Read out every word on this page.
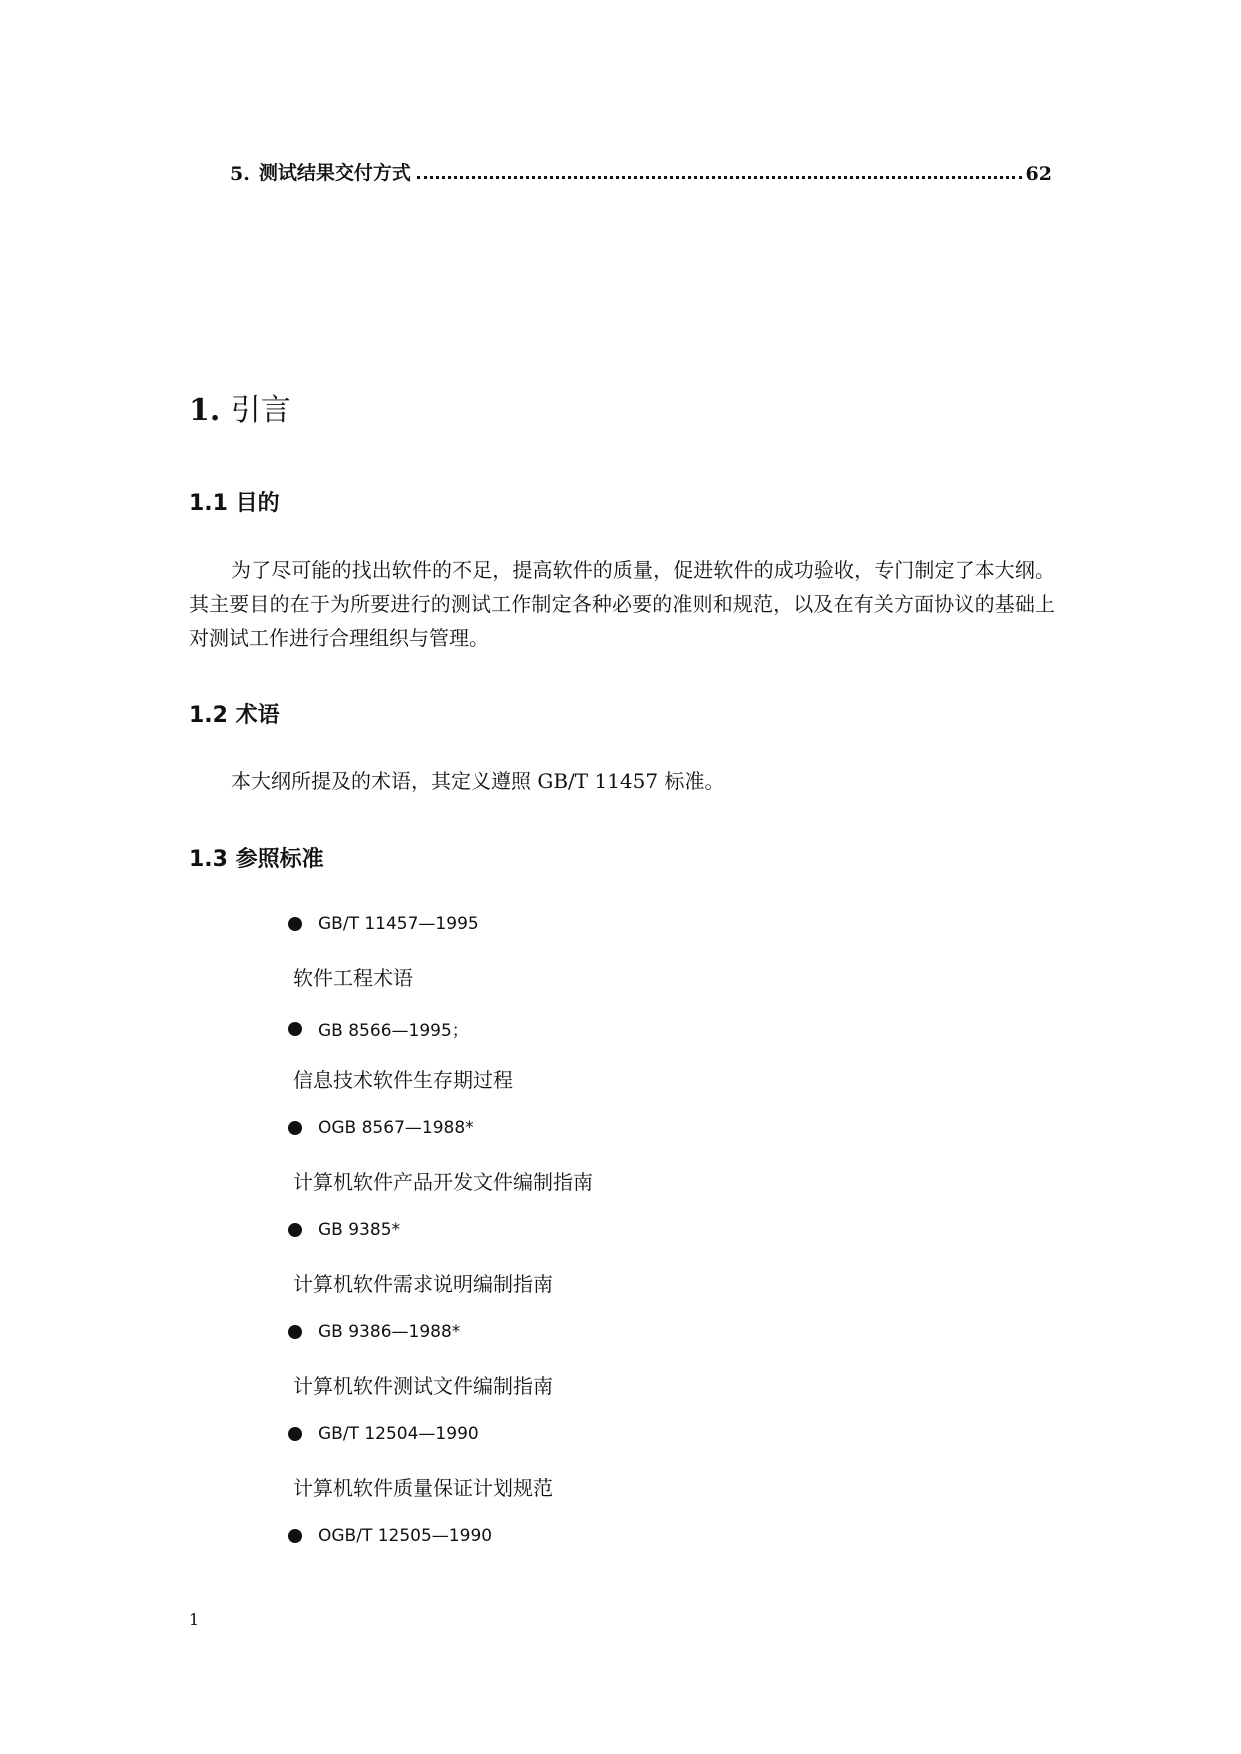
5. 测试结果交付方式	62
1. 引言
1.1 目的
为了尽可能的找出软件的不足，提高软件的质量，促进软件的成功验收，专门制定了本大纲。其主要目的在于为所要进行的测试工作制定各种必要的准则和规范，以及在有关方面协议的基础上对测试工作进行合理组织与管理。
1.2 术语
本大纲所提及的术语，其定义遵照 GB/T 11457 标准。
1.3 参照标准
GB/T 11457—1995
软件工程术语
GB 8566—1995；
信息技术软件生存期过程
OGB 8567—1988*
计算机软件产品开发文件编制指南
GB 9385*
计算机软件需求说明编制指南
GB 9386—1988*
计算机软件测试文件编制指南
GB/T 12504—1990
计算机软件质量保证计划规范
OGB/T 12505—1990
1
